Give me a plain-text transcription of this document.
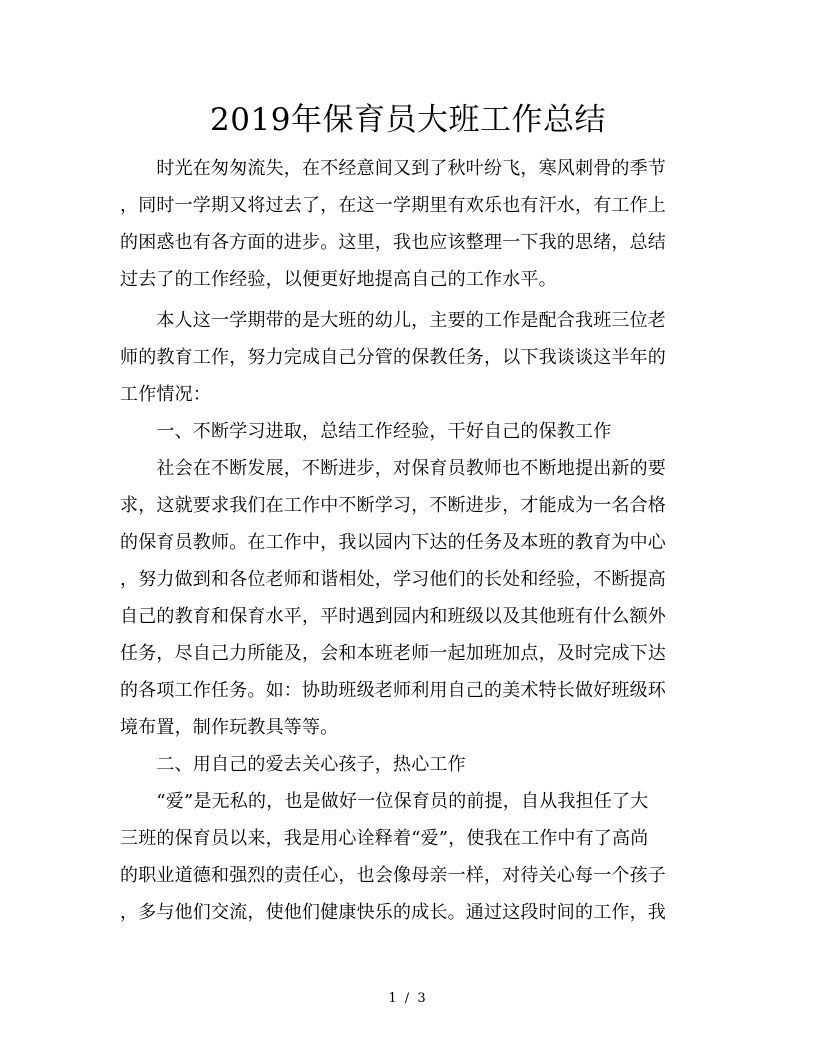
2019年保育员大班工作总结
　　时光在匆匆流失，在不经意间又到了秋叶纷飞，寒风刺骨的季节
，同时一学期又将过去了，在这一学期里有欢乐也有汗水，有工作上
的困惑也有各方面的进步。这里，我也应该整理一下我的思绪，总结
过去了的工作经验，以便更好地提高自己的工作水平。
　　本人这一学期带的是大班的幼儿，主要的工作是配合我班三位老
师的教育工作，努力完成自己分管的保教任务，以下我谈谈这半年的
工作情况：
　　一、不断学习进取，总结工作经验，干好自己的保教工作
　　社会在不断发展，不断进步，对保育员教师也不断地提出新的要
求，这就要求我们在工作中不断学习，不断进步，才能成为一名合格
的保育员教师。在工作中，我以园内下达的任务及本班的教育为中心
，努力做到和各位老师和谐相处，学习他们的长处和经验，不断提高
自己的教育和保育水平，平时遇到园内和班级以及其他班有什么额外
任务，尽自己力所能及，会和本班老师一起加班加点，及时完成下达
的各项工作任务。如：协助班级老师利用自己的美术特长做好班级环
境布置，制作玩教具等等。
　　二、用自己的爱去关心孩子，热心工作
　　“爱”是无私的，也是做好一位保育员的前提，自从我担任了大
三班的保育员以来，我是用心诠释着“爱”，使我在工作中有了高尚
的职业道德和强烈的责任心，也会像母亲一样，对待关心每一个孩子
，多与他们交流，使他们健康快乐的成长。通过这段时间的工作，我
1 / 3
